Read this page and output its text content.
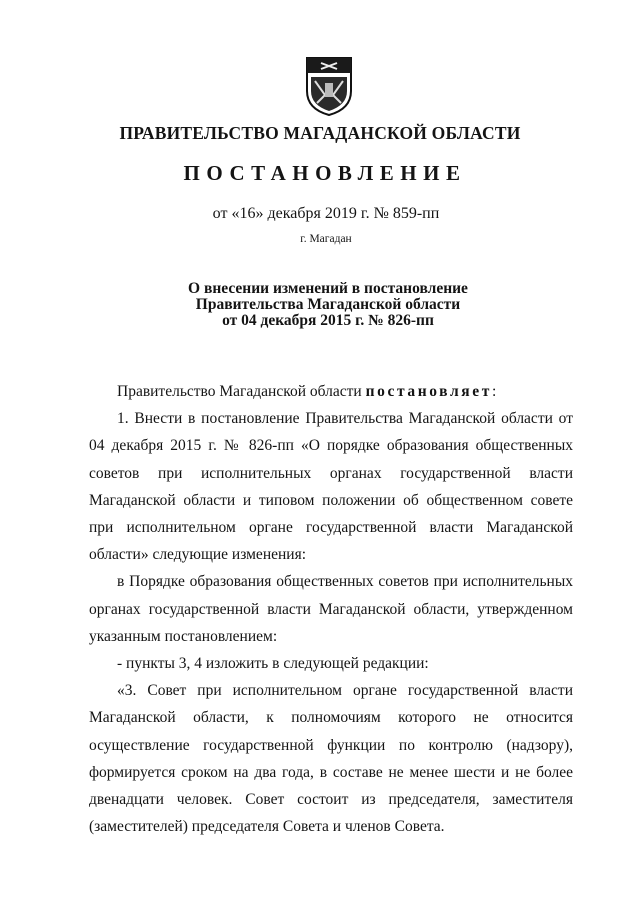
ПРАВИТЕЛЬСТВО МАГАДАНСКОЙ ОБЛАСТИ
ПОСТАНОВЛЕНИЕ
от «16» декабря 2019 г. № 859-пп
г. Магадан
О внесении изменений в постановление
Правительства Магаданской области
от 04 декабря 2015 г. № 826-пп

Правительство Магаданской области постановляет:

1. Внести в постановление Правительства Магаданской области от 04 декабря 2015 г. № 826-пп «О порядке образования общественных советов при исполнительных органах государственной власти Магаданской области и типовом положении об общественном совете при исполнительном органе государственной власти Магаданской области» следующие изменения:

в Порядке образования общественных советов при исполнительных органах государственной власти Магаданской области, утвержденном указанным постановлением:

- пункты 3, 4 изложить в следующей редакции:

«3. Совет при исполнительном органе государственной власти Магаданской области, к полномочиям которого не относится осуществление государственной функции по контролю (надзору), формируется сроком на два года, в составе не менее шести и не более двенадцати человек. Совет состоит из председателя, заместителя (заместителей) председателя Совета и членов Совета.
